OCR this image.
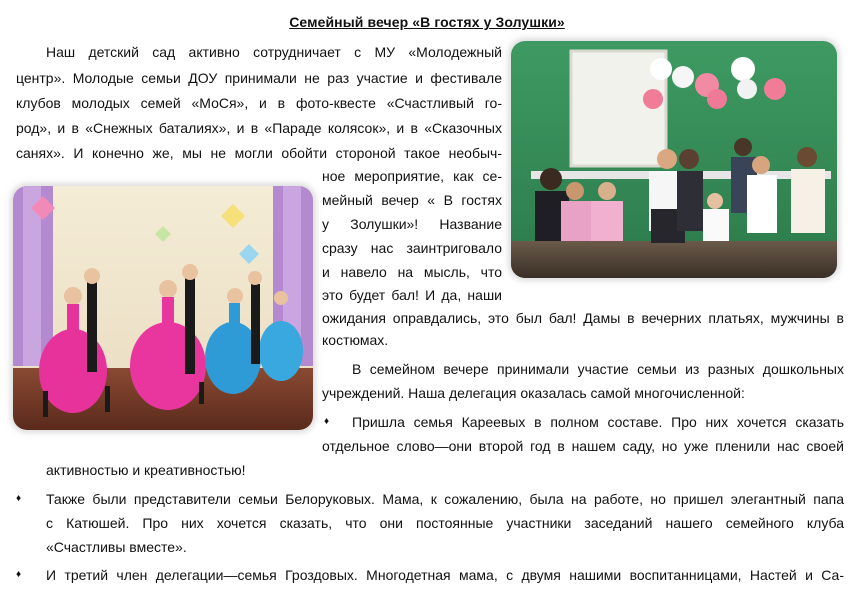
Семейный вечер «В гостях у Золушки»
Наш детский сад активно сотрудничает с МУ «Молодежный
центр». Молодые семьи ДОУ принимали не раз участие и фестивале
клубов молодых семей «МоСя», и в фото-квесте «Счастливый го-
род», и в «Снежных баталиях», и в «Параде колясок», и в «Сказочных
санях». И конечно же, мы не могли обойти стороной такое необыч-
ное мероприятие, как се-
мейный вечер « В гостях
у Золушки»! Название
сразу нас заинтриговало
и навело на мысль, что
это будет бал! И да, наши
ожидания оправдались, это был бал! Дамы в вечерних платьях, мужчины в
костюмах.
В семейном вечере принимали участие семьи из разных дошкольных
учреждений. Наша делегация оказалась самой многочисленной:
♦ Пришла семья Кареевых в полном составе. Про них хочется сказать
отдельное слово—они второй год в нашем саду, но уже пленили нас своей
активностью и креативностью!
♦ Также были представители семьи Белоруковых. Мама, к сожалению, была на работе, но пришел элегантный папа
с Катюшей. Про них хочется сказать, что они постоянные участники заседаний нашего семейного клуба
«Счастливы вместе».
♦ И третий член делегации—семья Гроздовых. Многодетная мама, с двумя нашими воспитанницами, Настей и Са-
